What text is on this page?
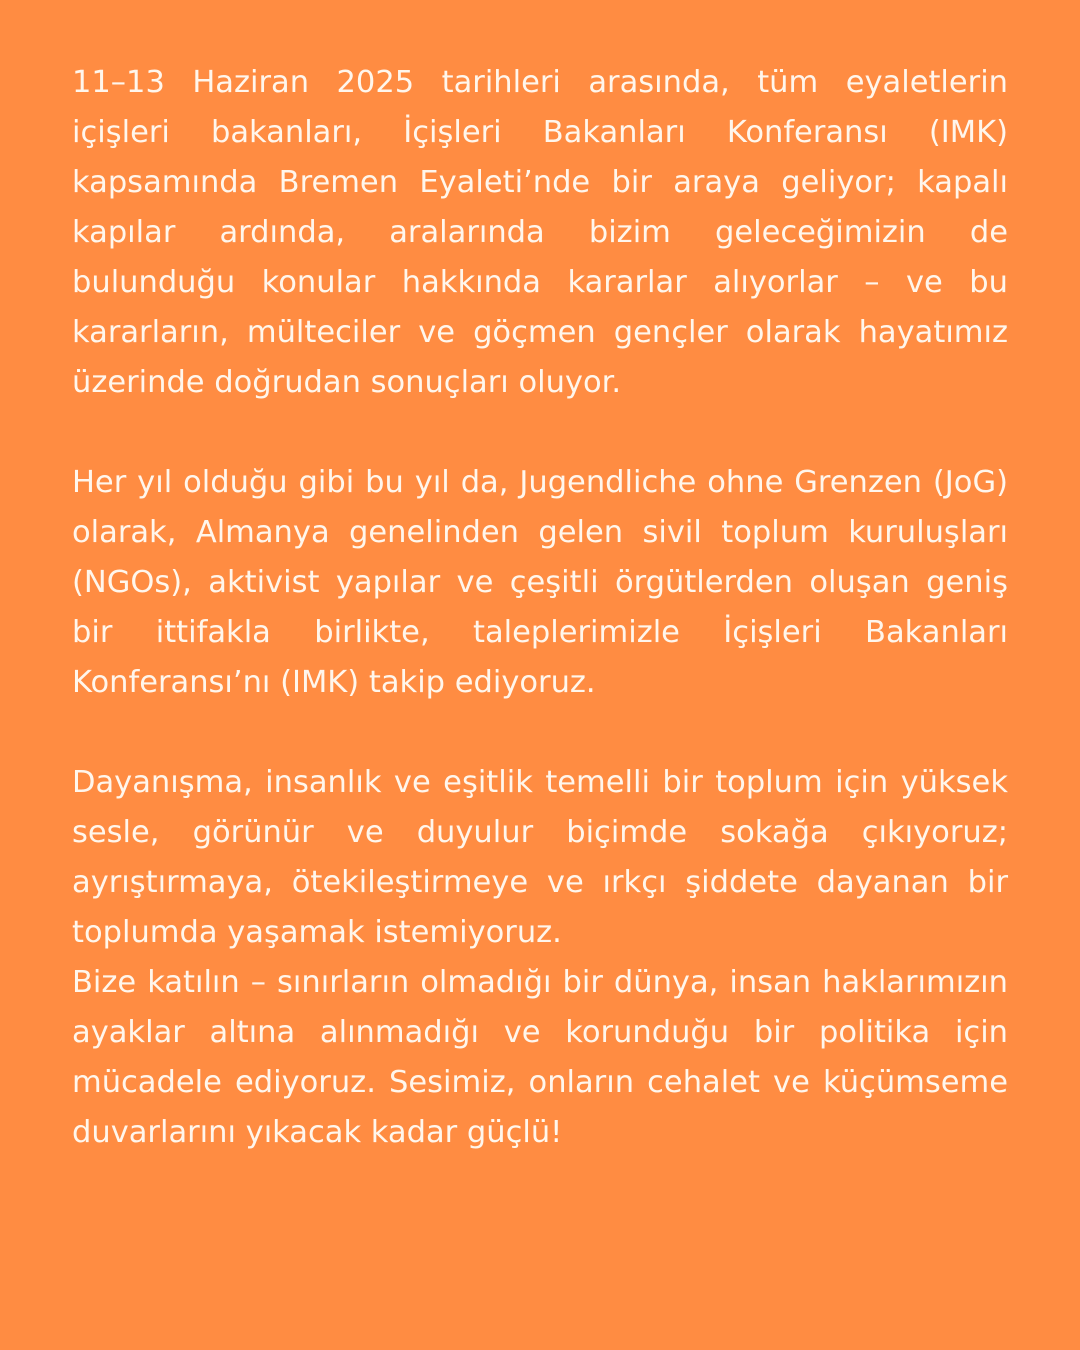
11–13 Haziran 2025 tarihleri arasında, tüm eyaletlerin içişleri bakanları, İçişleri Bakanları Konferansı (IMK) kapsamında Bremen Eyaleti’nde bir araya geliyor; kapalı kapılar ardında, aralarında bizim geleceğimizin de bulunduğu konular hakkında kararlar alıyorlar – ve bu kararların, mülteciler ve göçmen gençler olarak hayatımız üzerinde doğrudan sonuçları oluyor.

Her yıl olduğu gibi bu yıl da, Jugendliche ohne Grenzen (JoG) olarak, Almanya genelinden gelen sivil toplum kuruluşları (NGOs), aktivist yapılar ve çeşitli örgütlerden oluşan geniş bir ittifakla birlikte, taleplerimizle İçişleri Bakanları Konferansı’nı (IMK) takip ediyoruz.

Dayanışma, insanlık ve eşitlik temelli bir toplum için yüksek sesle, görünür ve duyulur biçimde sokağa çıkıyoruz; ayrıştırmaya, ötekileştirmeye ve ırkçı şiddete dayanan bir toplumda yaşamak istemiyoruz.

Bize katılın – sınırların olmadığı bir dünya, insan haklarımızın ayaklar altına alınmadığı ve korunduğu bir politika için mücadele ediyoruz. Sesimiz, onların cehalet ve küçümseme duvarlarını yıkacak kadar güçlü!
